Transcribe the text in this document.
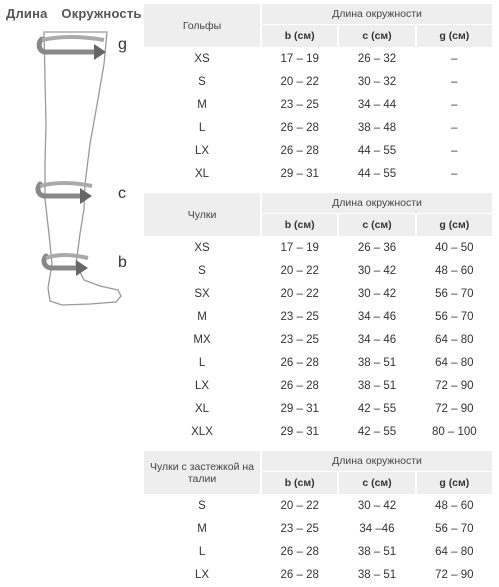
Длина Окружность
g
c
b
Гольфы	Длина окружности		
	b (см)	c (см)	g (см)
XS	17 – 19	26 – 32	–
S	20 – 22	30 – 32	–
M	23 – 25	34 – 44	–
L	26 – 28	38 – 48	–
LX	26 – 28	44 – 55	–
XL	29 – 31	44 – 55	–

Чулки	Длина окружности		
	b (см)	c (см)	g (см)
XS	17 – 19	26 – 36	40 – 50
S	20 – 22	30 – 42	48 – 60
SX	20 – 22	30 – 42	56 – 70
M	23 – 25	34 – 46	56 – 70
MX	23 – 25	34 – 46	64 – 80
L	26 – 28	38 – 51	64 – 80
LX	26 – 28	38 – 51	72 – 90
XL	29 – 31	42 – 55	72 – 90
XLX	29 – 31	42 – 55	80 – 100

Чулки с застежкой на талии	Длина окружности		
	b (см)	c (см)	g (см)
S	20 – 22	30 – 42	48 – 60
M	23 – 25	34 –46	56 – 70
L	26 – 28	38 – 51	64 – 80
LX	26 – 28	38 – 51	72 – 90
